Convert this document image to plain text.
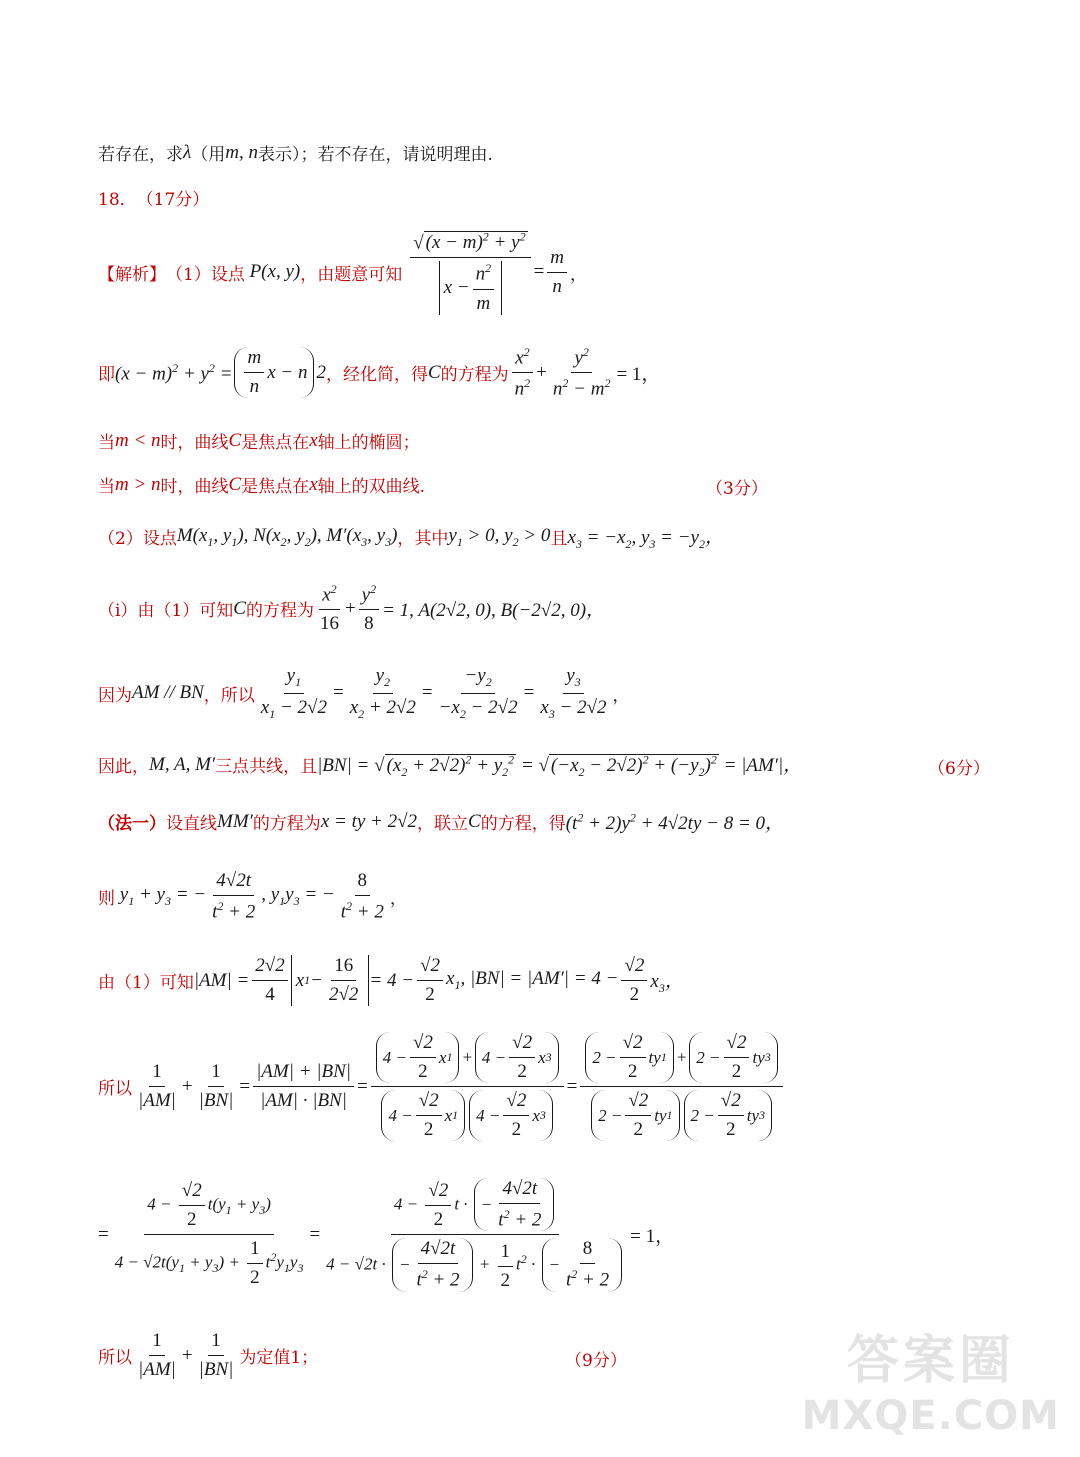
若存在，求 λ （用 m, n 表示）；若不存在，请说明理由.
18． （17分）
【解析】 （1）设点 P(x, y) ，由题意可知 $\frac{√ (x - m)^2 + y^2}{x - \frac{n^2}{m}} = \frac{m}{n}$ ，
即 $(x - m)^2 + y^2 = \frac{m}{n}$ x − n 2 ，经化简，得 C 的方程为 $\frac{x^2}{n^2} + \frac{y^2}{n^2 - m^2} = 1$，
当 m < n 时，曲线 C 是焦点在 x 轴上的椭圆；
当 m > n 时，曲线 C 是焦点在 x 轴上的双曲线.	（3分）
（2）设点 $M(x_1$, $y_1$), $N(x_2$, $y_2$), $M'(x_3$, $y_3$) ，其中 $y_1 > 0$, $y_2 > 0$ 且 $x_3 = -x_2$, $y_3 = -y_2$，
（i）由（1）可知 C 的方程为 $\frac{x^2}{16} + \frac{y^2}{8} = 1$, A(2√2, 0), B(−2√2, 0)，
因为 AM // BN ，所以 $\frac{y_1}{x_1 - 2√2} = \frac{y_2}{x_2 + 2√2} = \frac{-y_2}{-x_2 - 2√2} = \frac{y_3}{x_3 - 2√2}$ ，
因此， M, A, M′ 三点共线，且 |BN| = √ $(x_2 + 2√2)^2 + y_2^2$ = √ $(-x_2 - 2√2)^2 + (-y_2)^2 = |AM'|$，	（6分）
（法一） 设直线 MM′ 的方程为 x = ty + 2√2 ，联立 C 的方程，得 $(t^2 + 2)y^2 + 4√2ty - 8 = 0$，
则 $y_1 + y_3$ = − $\frac{4√2t}{t^2 + 2}$ , $y_1y_3$ = − $\frac{8}{t^2 + 2}$ ，
由（1）可知 $|AM| = \frac{2√2}{4}$ x $1 - \frac{16}{2√2} = 4 - \frac{√2}{2} x_1$, $|BN| = |AM'| = 4 - \frac{√2}{2} x_3$，
所以 $\frac{1}{|AM|} + \frac{1}{|BN|} = \frac{|AM| + |BN|}{|AM| \cdot |BN|} = \frac{4 - \frac{√2}{2} x 1 + 4 - \frac{√2}{2} x 3}{4 - \frac{√2}{2} x 1 4 - \frac{√2}{2} x 3} = \frac{2 - \frac{√2}{2} ty 1 + 2 - \frac{√2}{2} ty 3}{2 - \frac{√2}{2} ty 1 2 - \frac{√2}{2} ty 3}$
= $\frac{4 - \frac{√2}{2} t(y_1 + y_3)}{4 - √2t(y_1 + y_3) + \frac{1}{2} t^2y_1y_3} = \frac{4 - \frac{√2}{2} t \cdot - \frac{4√2t}{t^2 + 2}}{4 - √2t \cdot - \frac{4√2t}{t^2 + 2} + \frac{1}{2} t^2 \cdot - \frac{8}{t^2 + 2}} = 1$，
所以 $\frac{1}{|AM|} + \frac{1}{|BN|}$ 为定值1；	（9分）	答案圈
MXQE.COM
